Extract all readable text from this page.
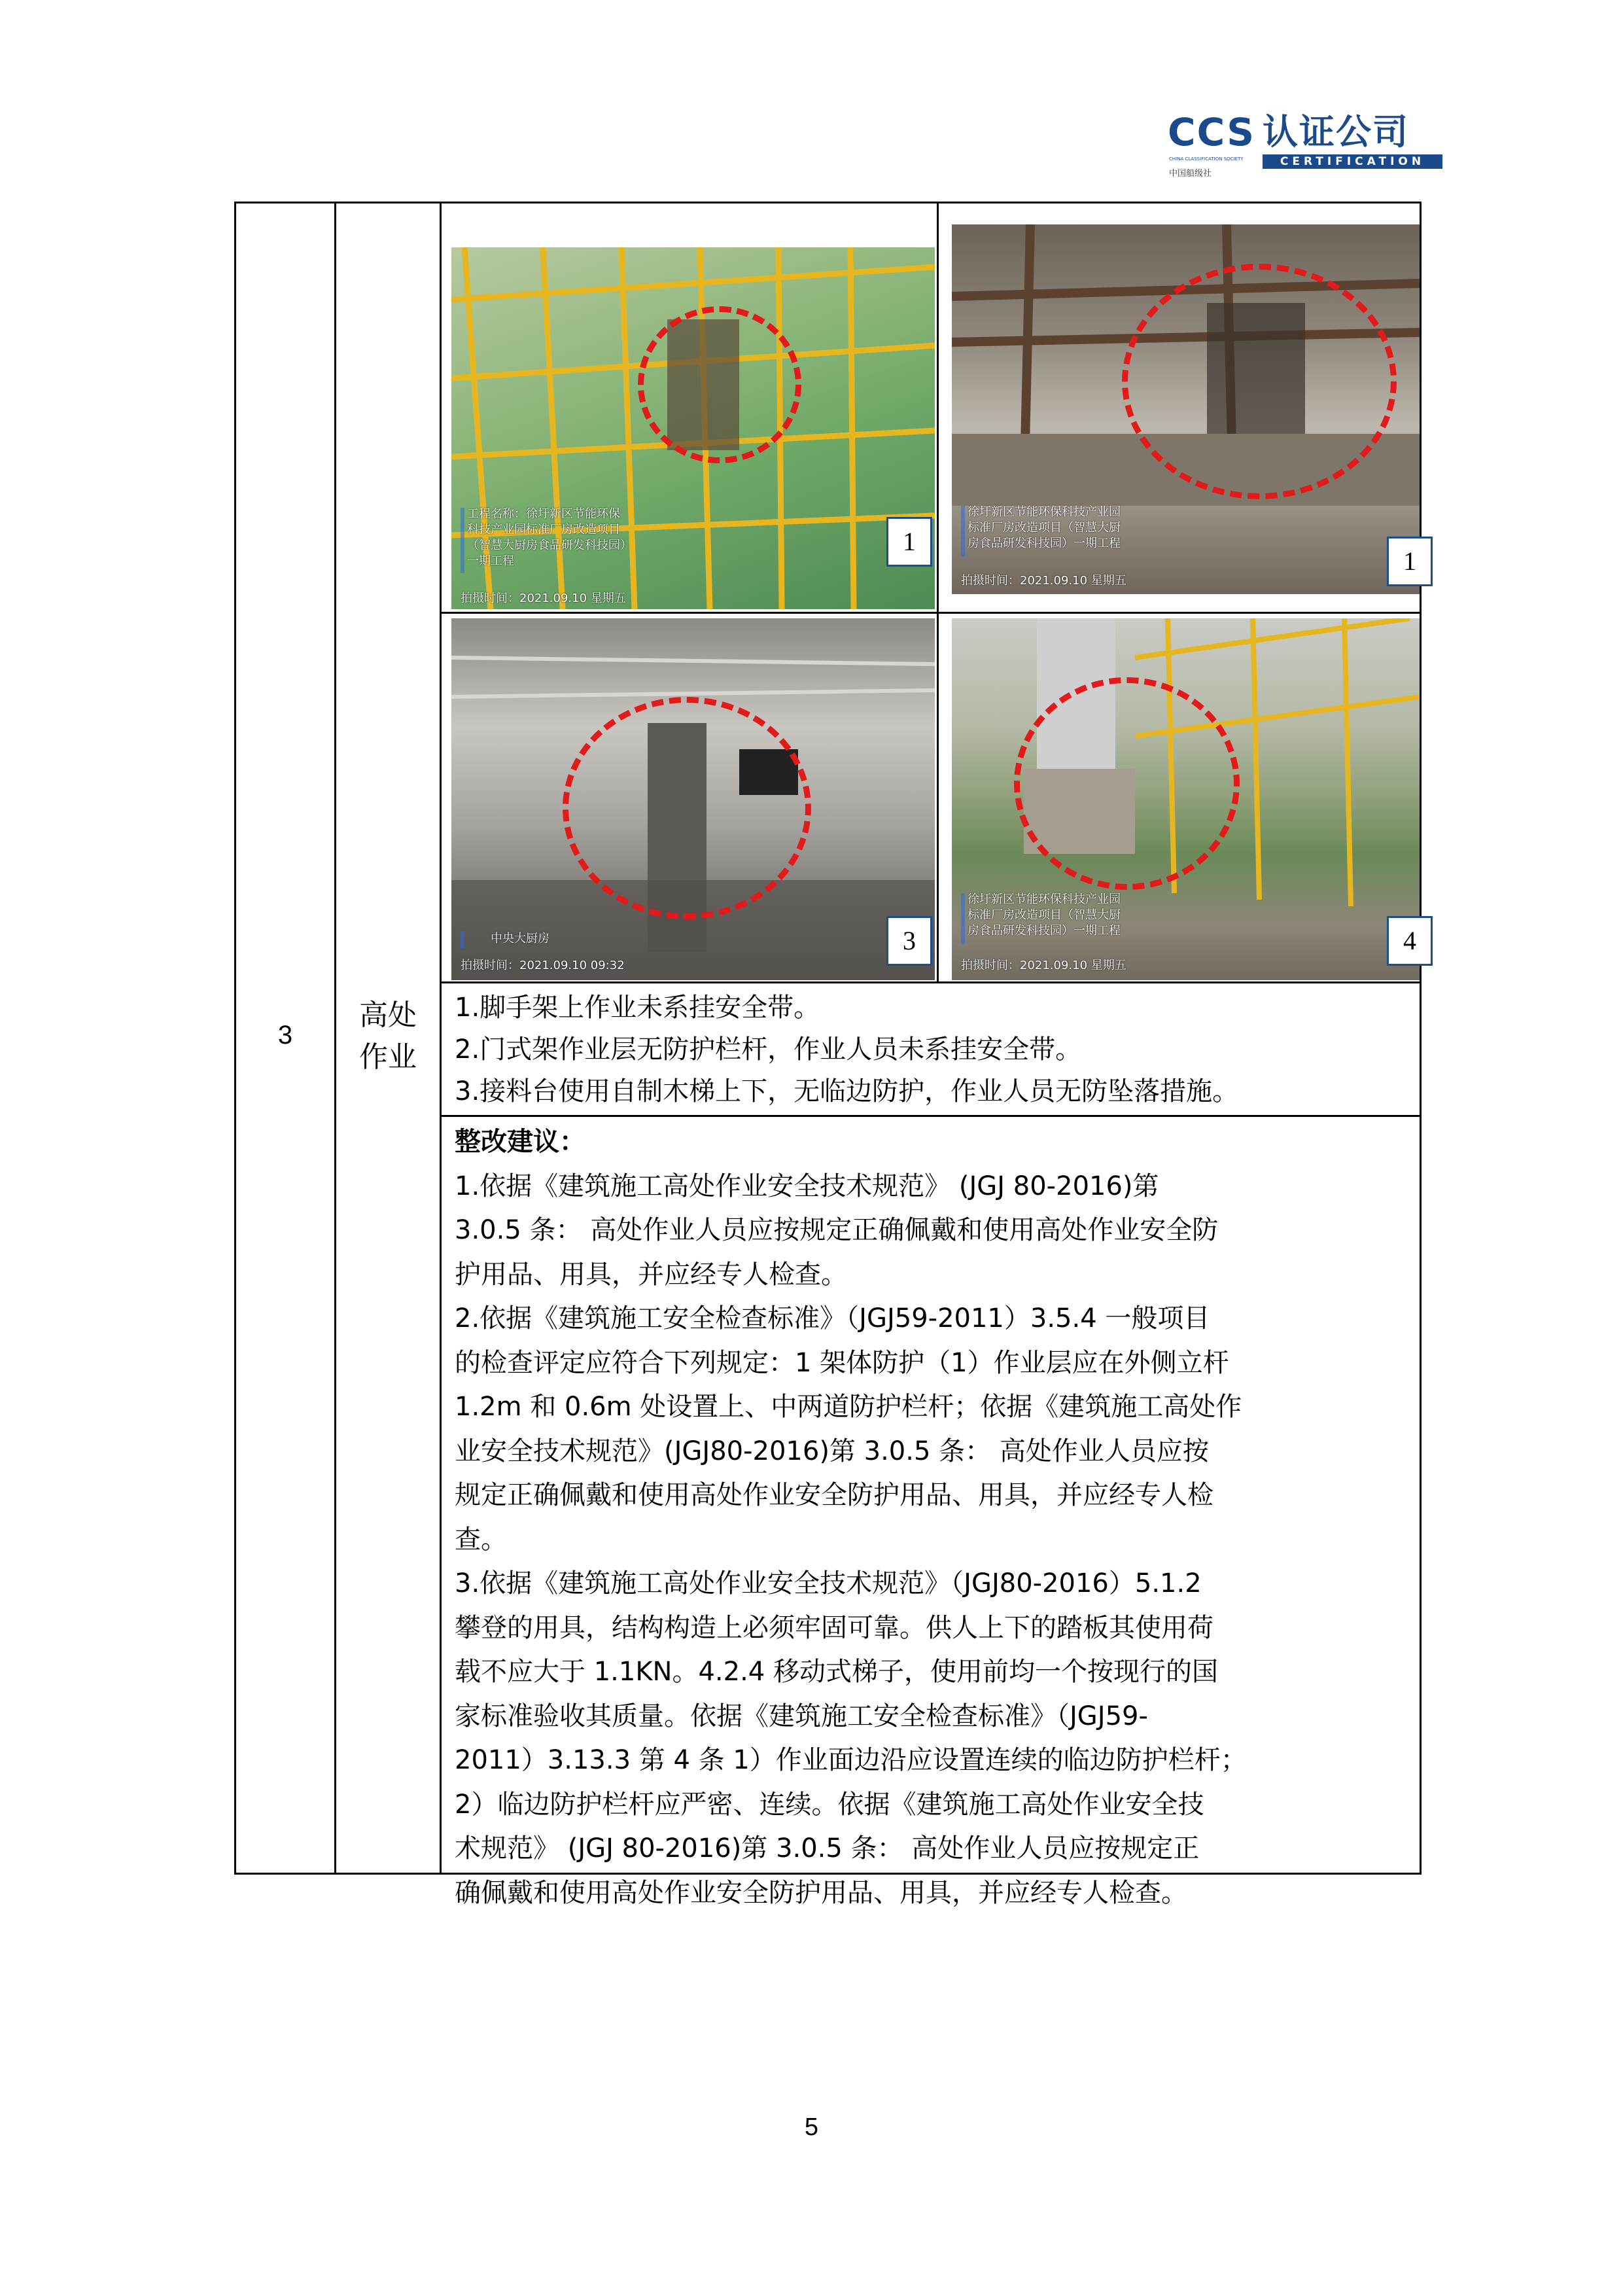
CCS 认证公司
CHINA CLASSIFICATION SOCIETY
中国船级社
CERTIFICATION
3
高处
作业
工程名称：徐圩新区节能环保
科技产业园标准厂房改造项目
（智慧大厨房食品研发科技园）
一期工程
拍摄时间：2021.09.10 星期五
1
徐圩新区节能环保科技产业园
标准厂房改造项目（智慧大厨
房食品研发科技园）一期工程
拍摄时间：2021.09.10 星期五
1
中央大厨房
拍摄时间：2021.09.10 09:32
3
徐圩新区节能环保科技产业园
标准厂房改造项目（智慧大厨
房食品研发科技园）一期工程
拍摄时间：2021.09.10 星期五
4
1.脚手架上作业未系挂安全带。
2.门式架作业层无防护栏杆，作业人员未系挂安全带。
3.接料台使用自制木梯上下，无临边防护，作业人员无防坠落措施。
整改建议：
1.依据《建筑施工高处作业安全技术规范》 (JGJ 80-2016)第
3.0.5 条： 高处作业人员应按规定正确佩戴和使用高处作业安全防
护用品、用具，并应经专人检查。
2.依据《建筑施工安全检查标准》（JGJ59-2011）3.5.4 一般项目
的检查评定应符合下列规定：1 架体防护（1）作业层应在外侧立杆
1.2m 和 0.6m 处设置上、中两道防护栏杆；依据《建筑施工高处作
业安全技术规范》(JGJ80-2016)第 3.0.5 条： 高处作业人员应按
规定正确佩戴和使用高处作业安全防护用品、用具，并应经专人检
查。
3.依据《建筑施工高处作业安全技术规范》（JGJ80-2016）5.1.2
攀登的用具，结构构造上必须牢固可靠。供人上下的踏板其使用荷
载不应大于 1.1KN。4.2.4 移动式梯子，使用前均一个按现行的国
家标准验收其质量。依据《建筑施工安全检查标准》（JGJ59-
2011）3.13.3 第 4 条 1）作业面边沿应设置连续的临边防护栏杆；
2）临边防护栏杆应严密、连续。依据《建筑施工高处作业安全技
术规范》 (JGJ 80-2016)第 3.0.5 条： 高处作业人员应按规定正
确佩戴和使用高处作业安全防护用品、用具，并应经专人检查。
5
